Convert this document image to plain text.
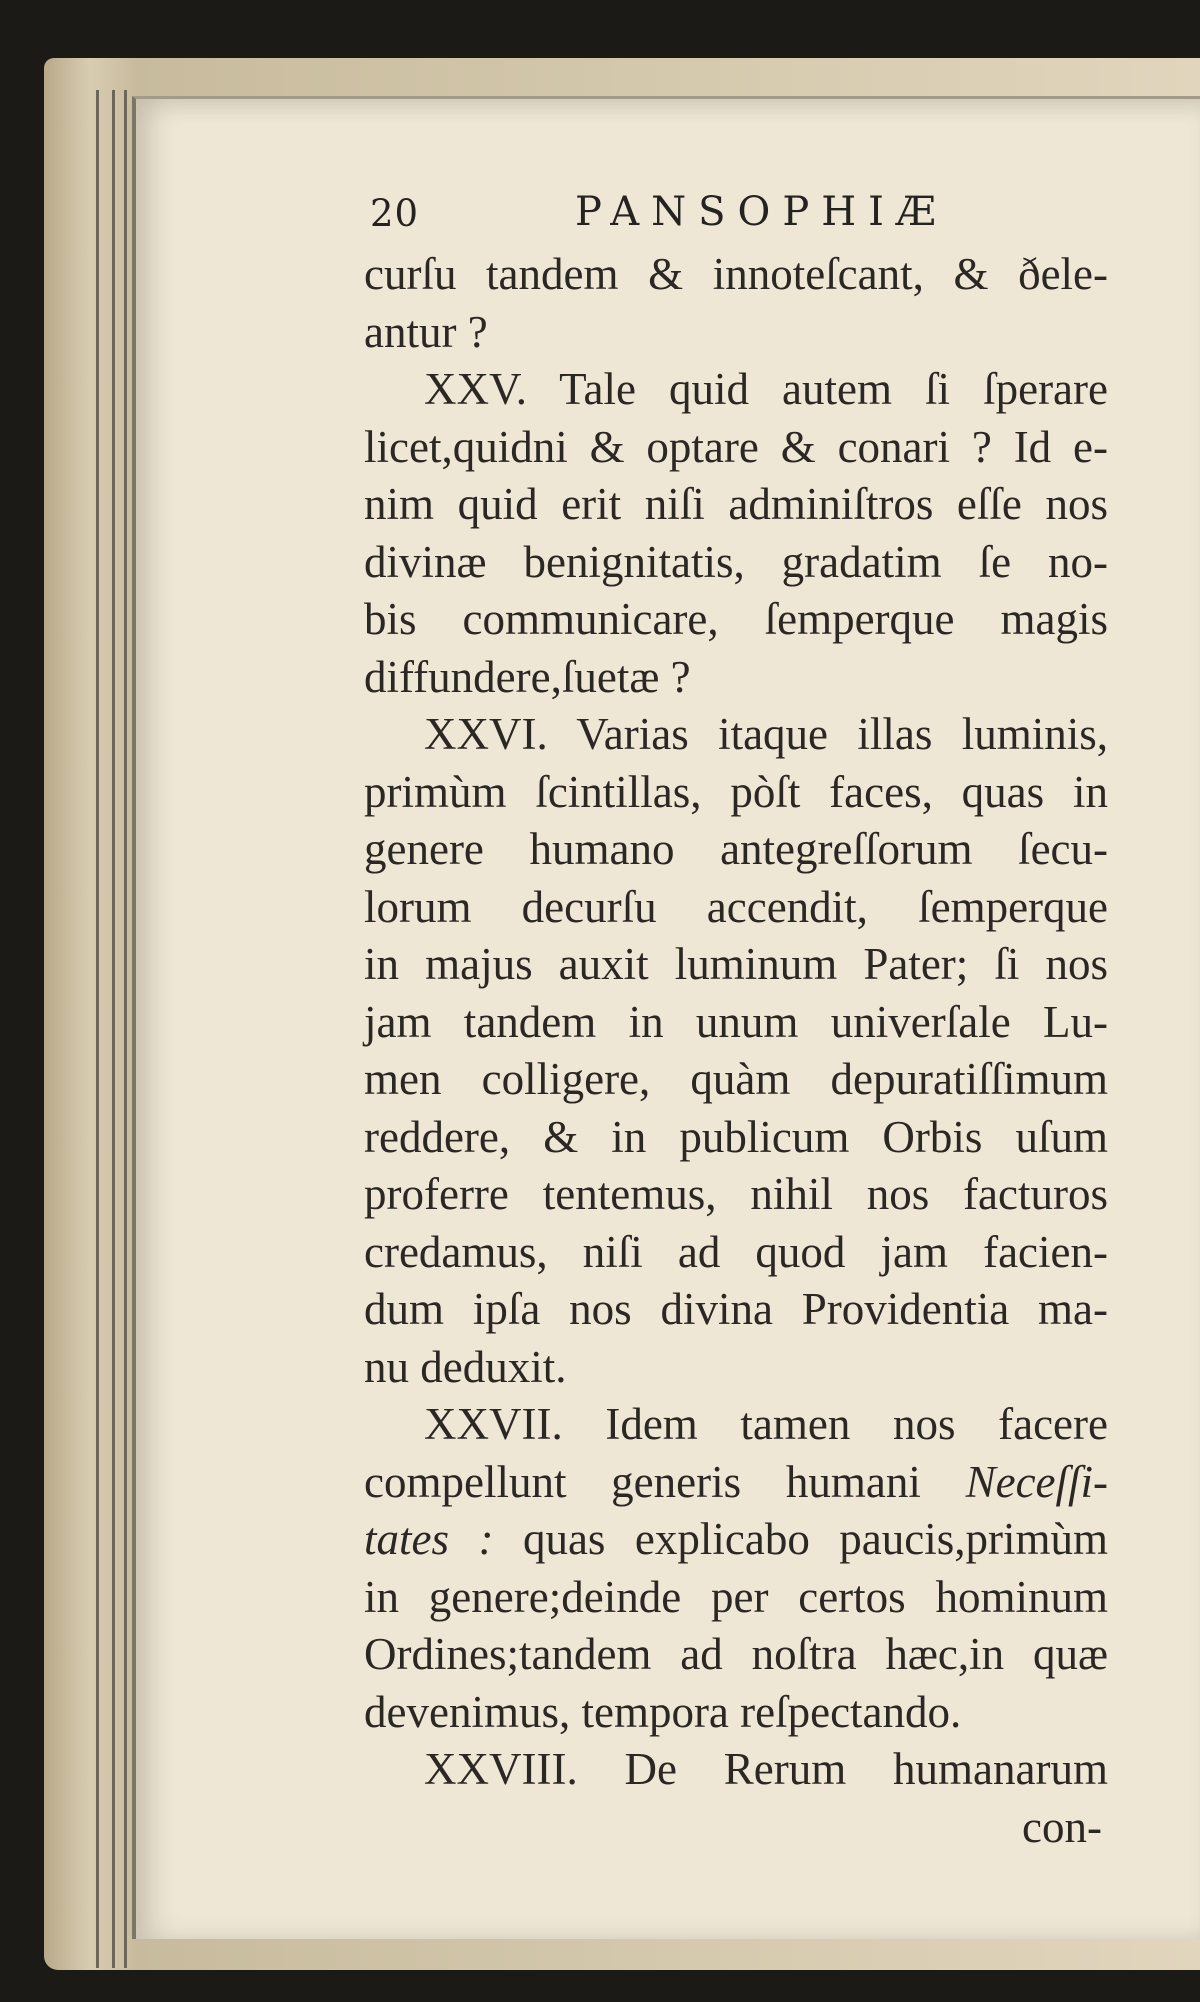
20	PANSOPHIÆ
curſu tandem & innoteſcant, & ðele-
antur ?
XXV. Tale quid autem ſi ſperare
licet,quidni & optare & conari ? Id e-
nim quid erit niſi adminiſtros eſſe nos
divinæ benignitatis, gradatim ſe no-
bis communicare, ſemperque magis
diffundere,ſuetæ ?
XXVI. Varias itaque illas luminis,
primùm ſcintillas, pòſt faces, quas in
genere humano antegreſſorum ſecu-
lorum decurſu accendit, ſemperque
in majus auxit luminum Pater; ſi nos
jam tandem in unum univerſale Lu-
men colligere, quàm depuratiſſimum
reddere, & in publicum Orbis uſum
proferre tentemus, nihil nos facturos
credamus, niſi ad quod jam facien-
dum ipſa nos divina Providentia ma-
nu deduxit.
XXVII. Idem tamen nos facere
compellunt generis humani Neceſſi-
tates : quas explicabo paucis,primùm
in genere;deinde per certos hominum
Ordines;tandem ad noſtra hæc,in quæ
devenimus, tempora reſpectando.
XXVIII. De Rerum humanarum
con-
